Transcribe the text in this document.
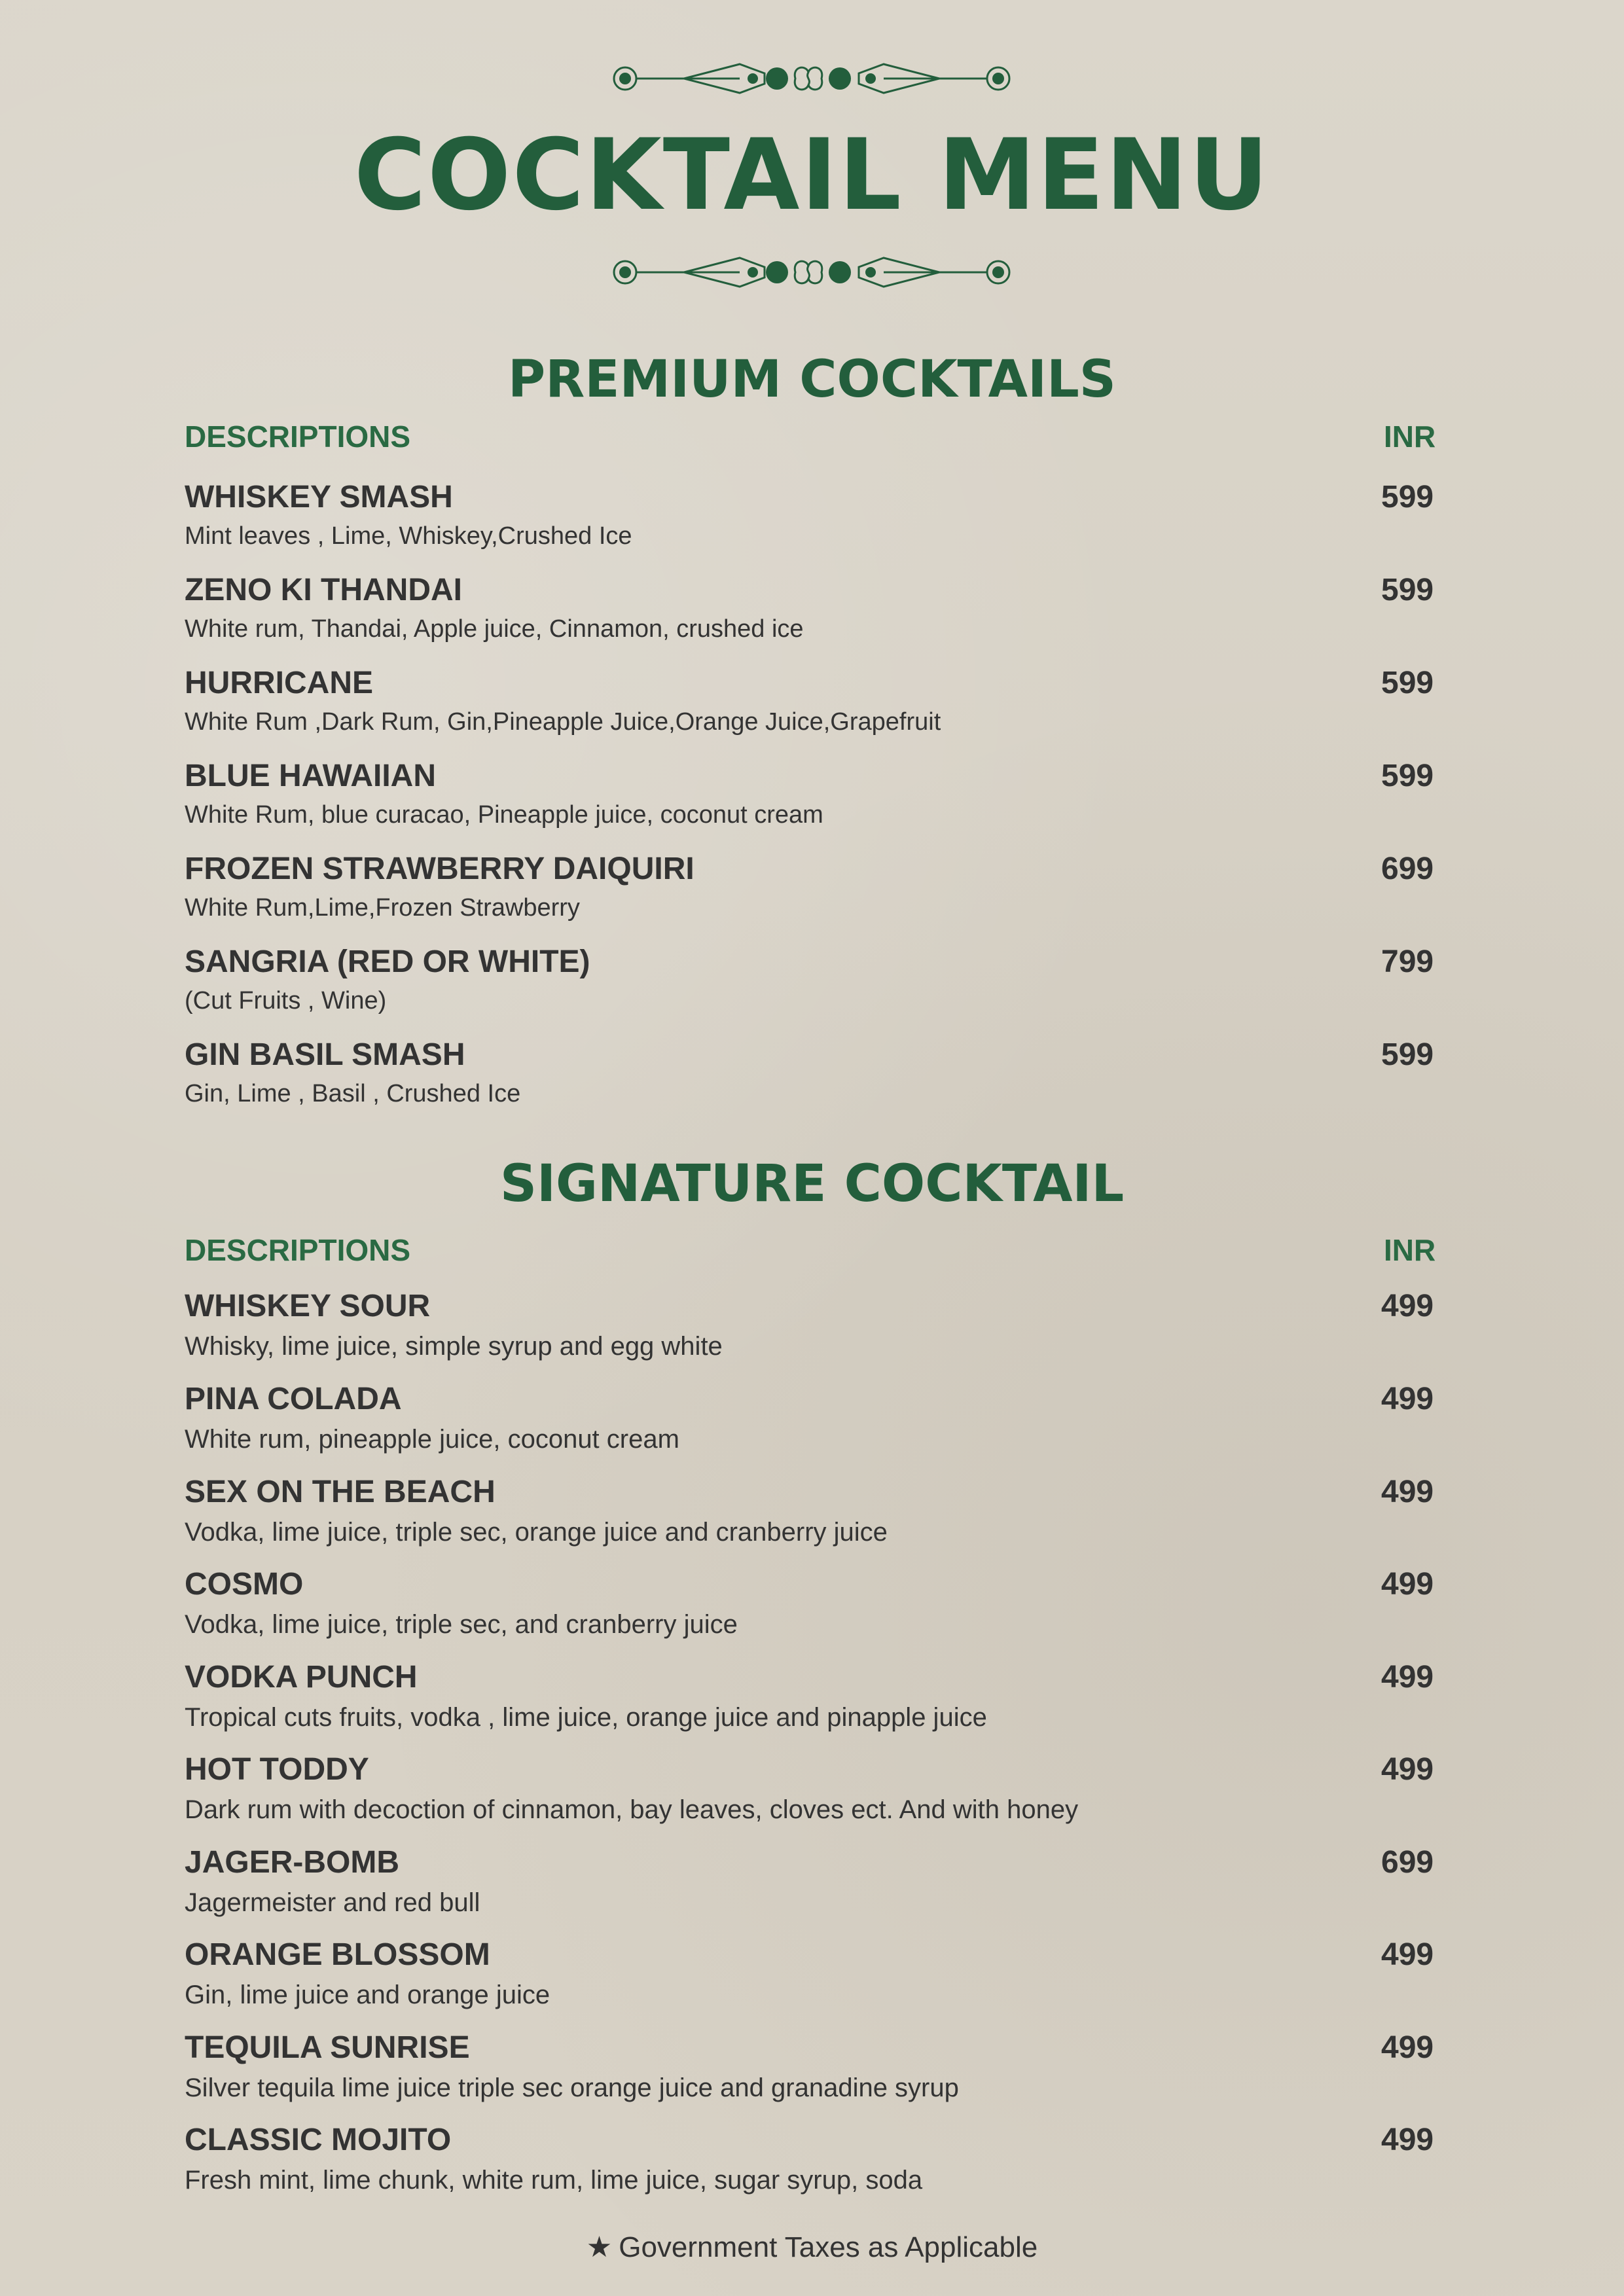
COCKTAIL MENU
PREMIUM COCKTAILS
DESCRIPTIONS	INR
WHISKEY SMASH	599
Mint leaves , Lime, Whiskey,Crushed Ice
ZENO KI THANDAI	599
White rum, Thandai, Apple juice, Cinnamon, crushed ice
HURRICANE	599
White Rum ,Dark Rum, Gin,Pineapple Juice,Orange Juice,Grapefruit
BLUE HAWAIIAN	599
White Rum, blue curacao, Pineapple juice, coconut cream
FROZEN STRAWBERRY DAIQUIRI	699
White Rum,Lime,Frozen Strawberry
SANGRIA (RED OR WHITE)	799
(Cut Fruits , Wine)
GIN BASIL SMASH	599
Gin, Lime , Basil , Crushed Ice
SIGNATURE COCKTAIL
DESCRIPTIONS	INR
WHISKEY SOUR	499
Whisky, lime juice, simple syrup and egg white
PINA COLADA	499
White rum, pineapple juice, coconut cream
SEX ON THE BEACH	499
Vodka, lime juice, triple sec, orange juice and cranberry juice
COSMO	499
Vodka, lime juice, triple sec, and cranberry juice
VODKA PUNCH	499
Tropical cuts fruits, vodka , lime juice, orange juice and pinapple juice
HOT TODDY	499
Dark rum with decoction of cinnamon, bay leaves, cloves ect. And with honey
JAGER-BOMB	699
Jagermeister and red bull
ORANGE BLOSSOM	499
Gin, lime juice and orange juice
TEQUILA SUNRISE	499
Silver tequila lime juice triple sec orange juice and granadine syrup
CLASSIC MOJITO	499
Fresh mint, lime chunk, white rum, lime juice, sugar syrup, soda
★ Government Taxes as Applicable
